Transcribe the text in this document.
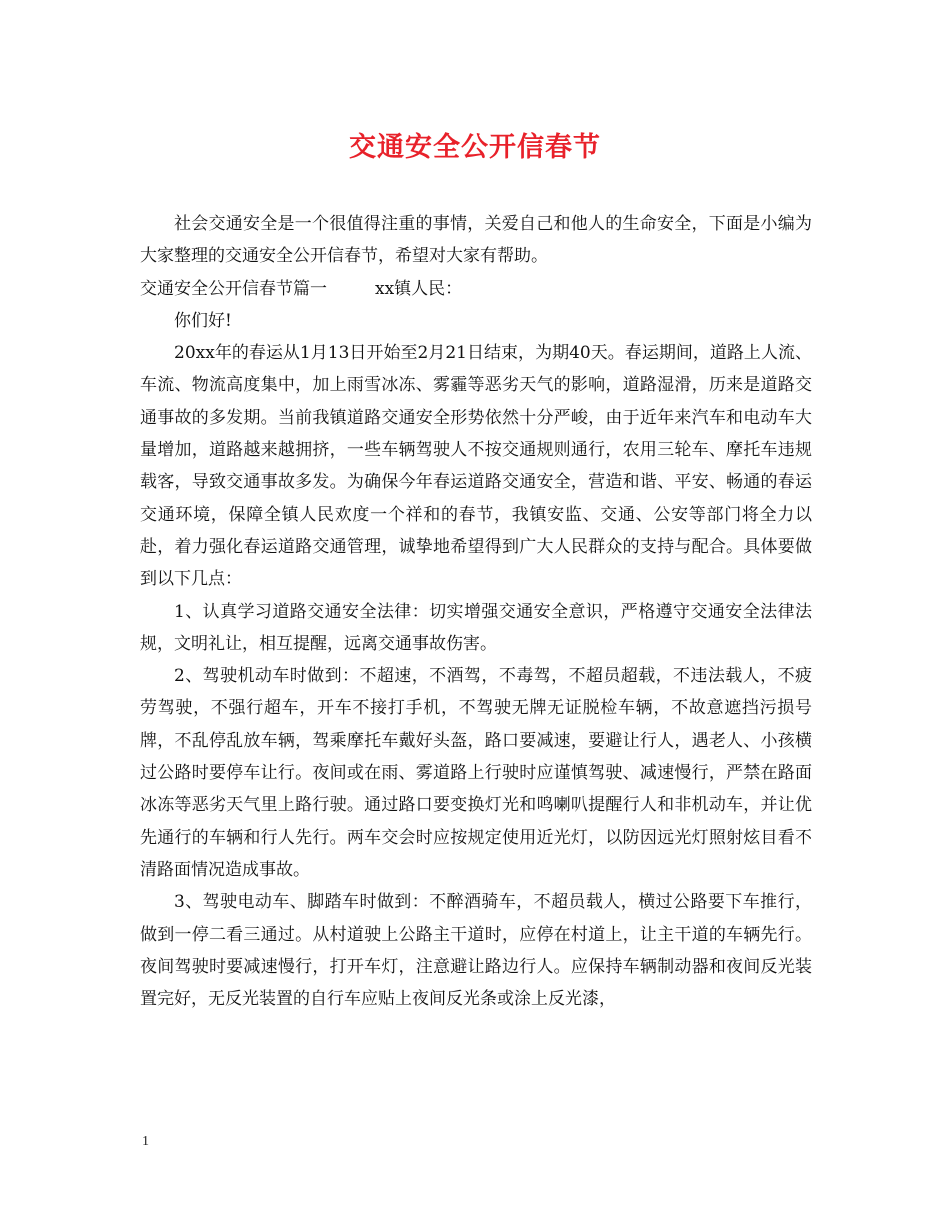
交通安全公开信春节

社会交通安全是一个很值得注重的事情，关爱自己和他人的生命安全，下面是小编为大家整理的交通安全公开信春节，希望对大家有帮助。

交通安全公开信春节篇一	xx镇人民：

你们好!

20xx年的春运从1月13日开始至2月21日结束，为期40天。春运期间，道路上人流、车流、物流高度集中，加上雨雪冰冻、雾霾等恶劣天气的影响，道路湿滑，历来是道路交通事故的多发期。当前我镇道路交通安全形势依然十分严峻，由于近年来汽车和电动车大量增加，道路越来越拥挤，一些车辆驾驶人不按交通规则通行，农用三轮车、摩托车违规载客，导致交通事故多发。为确保今年春运道路交通安全，营造和谐、平安、畅通的春运交通环境，保障全镇人民欢度一个祥和的春节，我镇安监、交通、公安等部门将全力以赴，着力强化春运道路交通管理，诚挚地希望得到广大人民群众的支持与配合。具体要做到以下几点：

1、认真学习道路交通安全法律：切实增强交通安全意识，严格遵守交通安全法律法规，文明礼让，相互提醒，远离交通事故伤害。

2、驾驶机动车时做到：不超速，不酒驾，不毒驾，不超员超载，不违法载人，不疲劳驾驶，不强行超车，开车不接打手机，不驾驶无牌无证脱检车辆，不故意遮挡污损号牌，不乱停乱放车辆，驾乘摩托车戴好头盔，路口要减速，要避让行人，遇老人、小孩横过公路时要停车让行。夜间或在雨、雾道路上行驶时应谨慎驾驶、减速慢行，严禁在路面冰冻等恶劣天气里上路行驶。通过路口要变换灯光和鸣喇叭提醒行人和非机动车，并让优先通行的车辆和行人先行。两车交会时应按规定使用近光灯，以防因远光灯照射炫目看不清路面情况造成事故。

3、驾驶电动车、脚踏车时做到：不醉酒骑车，不超员载人，横过公路要下车推行，做到一停二看三通过。从村道驶上公路主干道时，应停在村道上，让主干道的车辆先行。夜间驾驶时要减速慢行，打开车灯，注意避让路边行人。应保持车辆制动器和夜间反光装置完好，无反光装置的自行车应贴上夜间反光条或涂上反光漆，

1
